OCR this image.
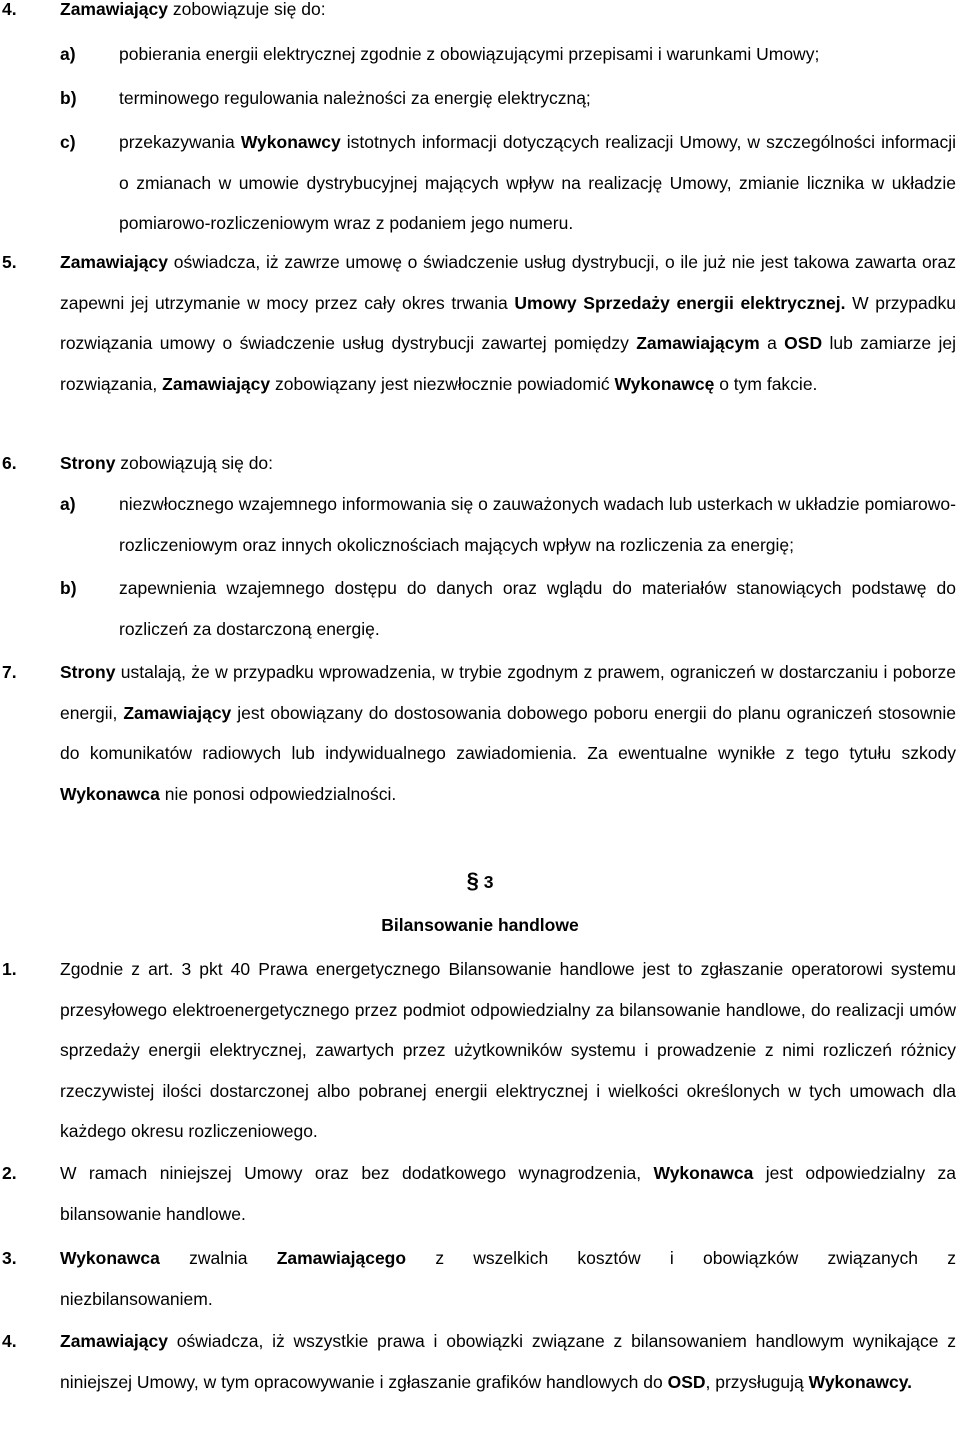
4. Zamawiający zobowiązuje się do:
a) pobierania energii elektrycznej zgodnie z obowiązującymi przepisami i warunkami Umowy;
b) terminowego regulowania należności za energię elektryczną;
c) przekazywania Wykonawcy istotnych informacji dotyczących realizacji Umowy, w szczególności informacji o zmianach w umowie dystrybucyjnej mających wpływ na realizację Umowy, zmianie licznika w układzie pomiarowo-rozliczeniowym wraz z podaniem jego numeru.
5. Zamawiający oświadcza, iż zawrze umowę o świadczenie usług dystrybucji, o ile już nie jest takowa zawarta oraz zapewni jej utrzymanie w mocy przez cały okres trwania Umowy Sprzedaży energii elektrycznej. W przypadku rozwiązania umowy o świadczenie usług dystrybucji zawartej pomiędzy Zamawiającym a OSD lub zamiarze jej rozwiązania, Zamawiający zobowiązany jest niezwłocznie powiadomić Wykonawcę o tym fakcie.
6. Strony zobowiązują się do:
a) niezwłocznego wzajemnego informowania się o zauważonych wadach lub usterkach w układzie pomiarowo-rozliczeniowym oraz innych okolicznościach mających wpływ na rozliczenia za energię;
b) zapewnienia wzajemnego dostępu do danych oraz wglądu do materiałów stanowiących podstawę do rozliczeń za dostarczoną energię.
7. Strony ustalają, że w przypadku wprowadzenia, w trybie zgodnym z prawem, ograniczeń w dostarczaniu i poborze energii, Zamawiający jest obowiązany do dostosowania dobowego poboru energii do planu ograniczeń stosownie do komunikatów radiowych lub indywidualnego zawiadomienia. Za ewentualne wynikłe z tego tytułu szkody Wykonawca nie ponosi odpowiedzialności.
§ 3
Bilansowanie handlowe
1. Zgodnie z art. 3 pkt 40 Prawa energetycznego Bilansowanie handlowe jest to zgłaszanie operatorowi systemu przesyłowego elektroenergetycznego przez podmiot odpowiedzialny za bilansowanie handlowe, do realizacji umów sprzedaży energii elektrycznej, zawartych przez użytkowników systemu i prowadzenie z nimi rozliczeń różnicy rzeczywistej ilości dostarczonej albo pobranej energii elektrycznej i wielkości określonych w tych umowach dla każdego okresu rozliczeniowego.
2. W ramach niniejszej Umowy oraz bez dodatkowego wynagrodzenia, Wykonawca jest odpowiedzialny za bilansowanie handlowe.
3. Wykonawca zwalnia Zamawiającego z wszelkich kosztów i obowiązków związanych z niezbilansowaniem.
4. Zamawiający oświadcza, iż wszystkie prawa i obowiązki związane z bilansowaniem handlowym wynikające z niniejszej Umowy, w tym opracowywanie i zgłaszanie grafików handlowych do OSD, przysługują Wykonawcy.
